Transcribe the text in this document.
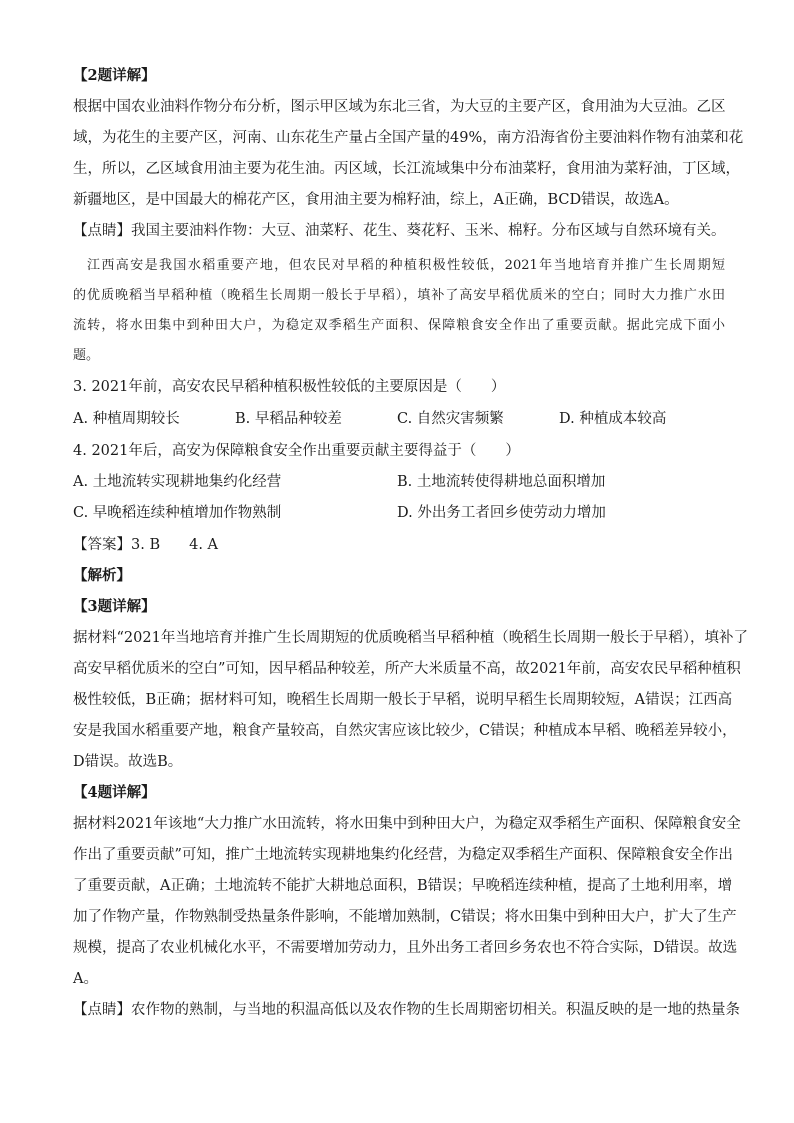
【2题详解】
根据中国农业油料作物分布分析，图示甲区域为东北三省，为大豆的主要产区，食用油为大豆油。乙区
域，为花生的主要产区，河南、山东花生产量占全国产量的49%，南方沿海省份主要油料作物有油菜和花
生，所以，乙区域食用油主要为花生油。丙区域，长江流域集中分布油菜籽，食用油为菜籽油，丁区域，
新疆地区，是中国最大的棉花产区，食用油主要为棉籽油，综上，A正确，BCD错误，故选A。
【点睛】我国主要油料作物：大豆、油菜籽、花生、葵花籽、玉米、棉籽。分布区域与自然环境有关。
江西高安是我国水稻重要产地，但农民对早稻的种植积极性较低，2021年当地培育并推广生长周期短
的优质晚稻当早稻种植（晚稻生长周期一般长于早稻），填补了高安早稻优质米的空白；同时大力推广水田
流转，将水田集中到种田大户，为稳定双季稻生产面积、保障粮食安全作出了重要贡献。据此完成下面小
题。
3. 2021年前，高安农民早稻种植积极性较低的主要原因是（　　）
A. 种植周期较长	B. 早稻品种较差	C. 自然灾害频繁	D. 种植成本较高
4. 2021年后，高安为保障粮食安全作出重要贡献主要得益于（　　）
A. 土地流转实现耕地集约化经营	B. 土地流转使得耕地总面积增加
C. 早晚稻连续种植增加作物熟制	D. 外出务工者回乡使劳动力增加
【答案】3. B　　4. A
【解析】
【3题详解】
据材料“2021年当地培育并推广生长周期短的优质晚稻当早稻种植（晚稻生长周期一般长于早稻），填补了
高安早稻优质米的空白”可知，因早稻品种较差，所产大米质量不高，故2021年前，高安农民早稻种植积
极性较低，B正确；据材料可知，晚稻生长周期一般长于早稻，说明早稻生长周期较短，A错误；江西高
安是我国水稻重要产地，粮食产量较高，自然灾害应该比较少，C错误；种植成本早稻、晚稻差异较小，
D错误。故选B。
【4题详解】
据材料2021年该地“大力推广水田流转，将水田集中到种田大户，为稳定双季稻生产面积、保障粮食安全
作出了重要贡献”可知，推广土地流转实现耕地集约化经营，为稳定双季稻生产面积、保障粮食安全作出
了重要贡献，A正确；土地流转不能扩大耕地总面积，B错误；早晚稻连续种植，提高了土地利用率，增
加了作物产量，作物熟制受热量条件影响，不能增加熟制，C错误；将水田集中到种田大户，扩大了生产
规模，提高了农业机械化水平，不需要增加劳动力，且外出务工者回乡务农也不符合实际，D错误。故选
A。
【点睛】农作物的熟制，与当地的积温高低以及农作物的生长周期密切相关。积温反映的是一地的热量条
